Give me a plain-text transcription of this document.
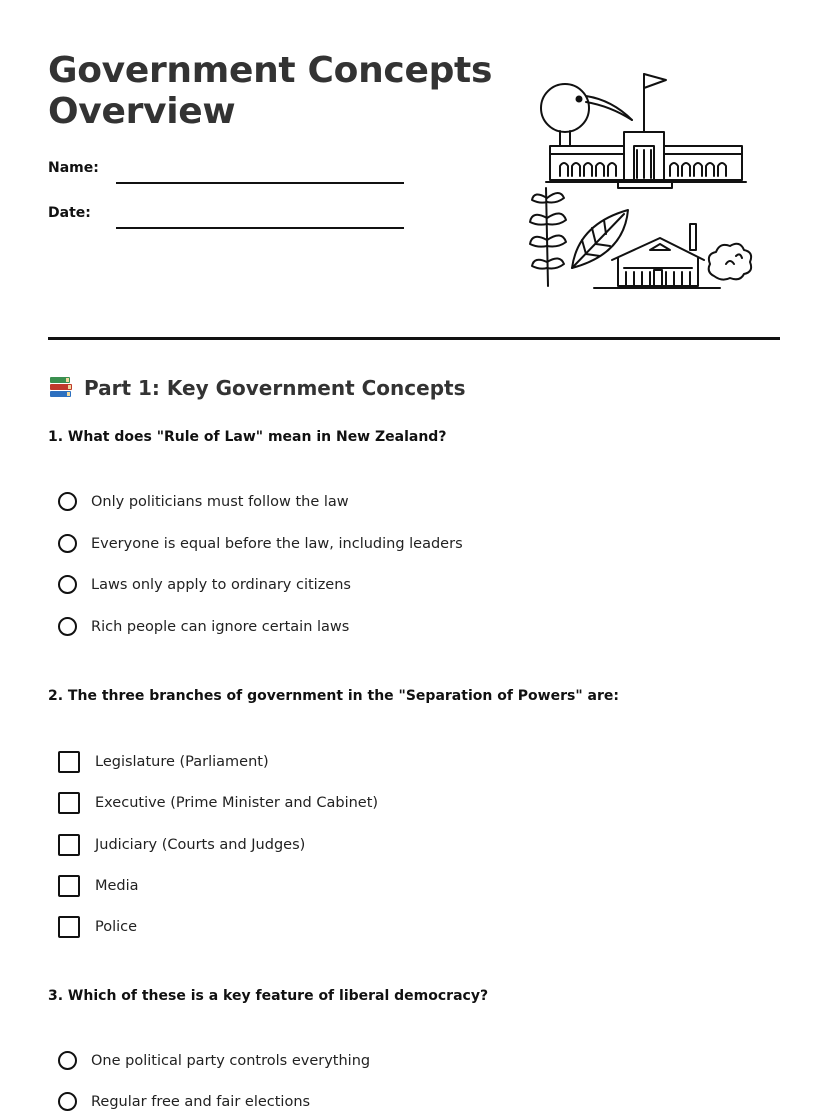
Government Concepts
Overview
Name:
Date:
Part 1: Key Government Concepts
1. What does "Rule of Law" mean in New Zealand?
Only politicians must follow the law
Everyone is equal before the law, including leaders
Laws only apply to ordinary citizens
Rich people can ignore certain laws
2. The three branches of government in the "Separation of Powers" are:
Legislature (Parliament)
Executive (Prime Minister and Cabinet)
Judiciary (Courts and Judges)
Media
Police
3. Which of these is a key feature of liberal democracy?
One political party controls everything
Regular free and fair elections
